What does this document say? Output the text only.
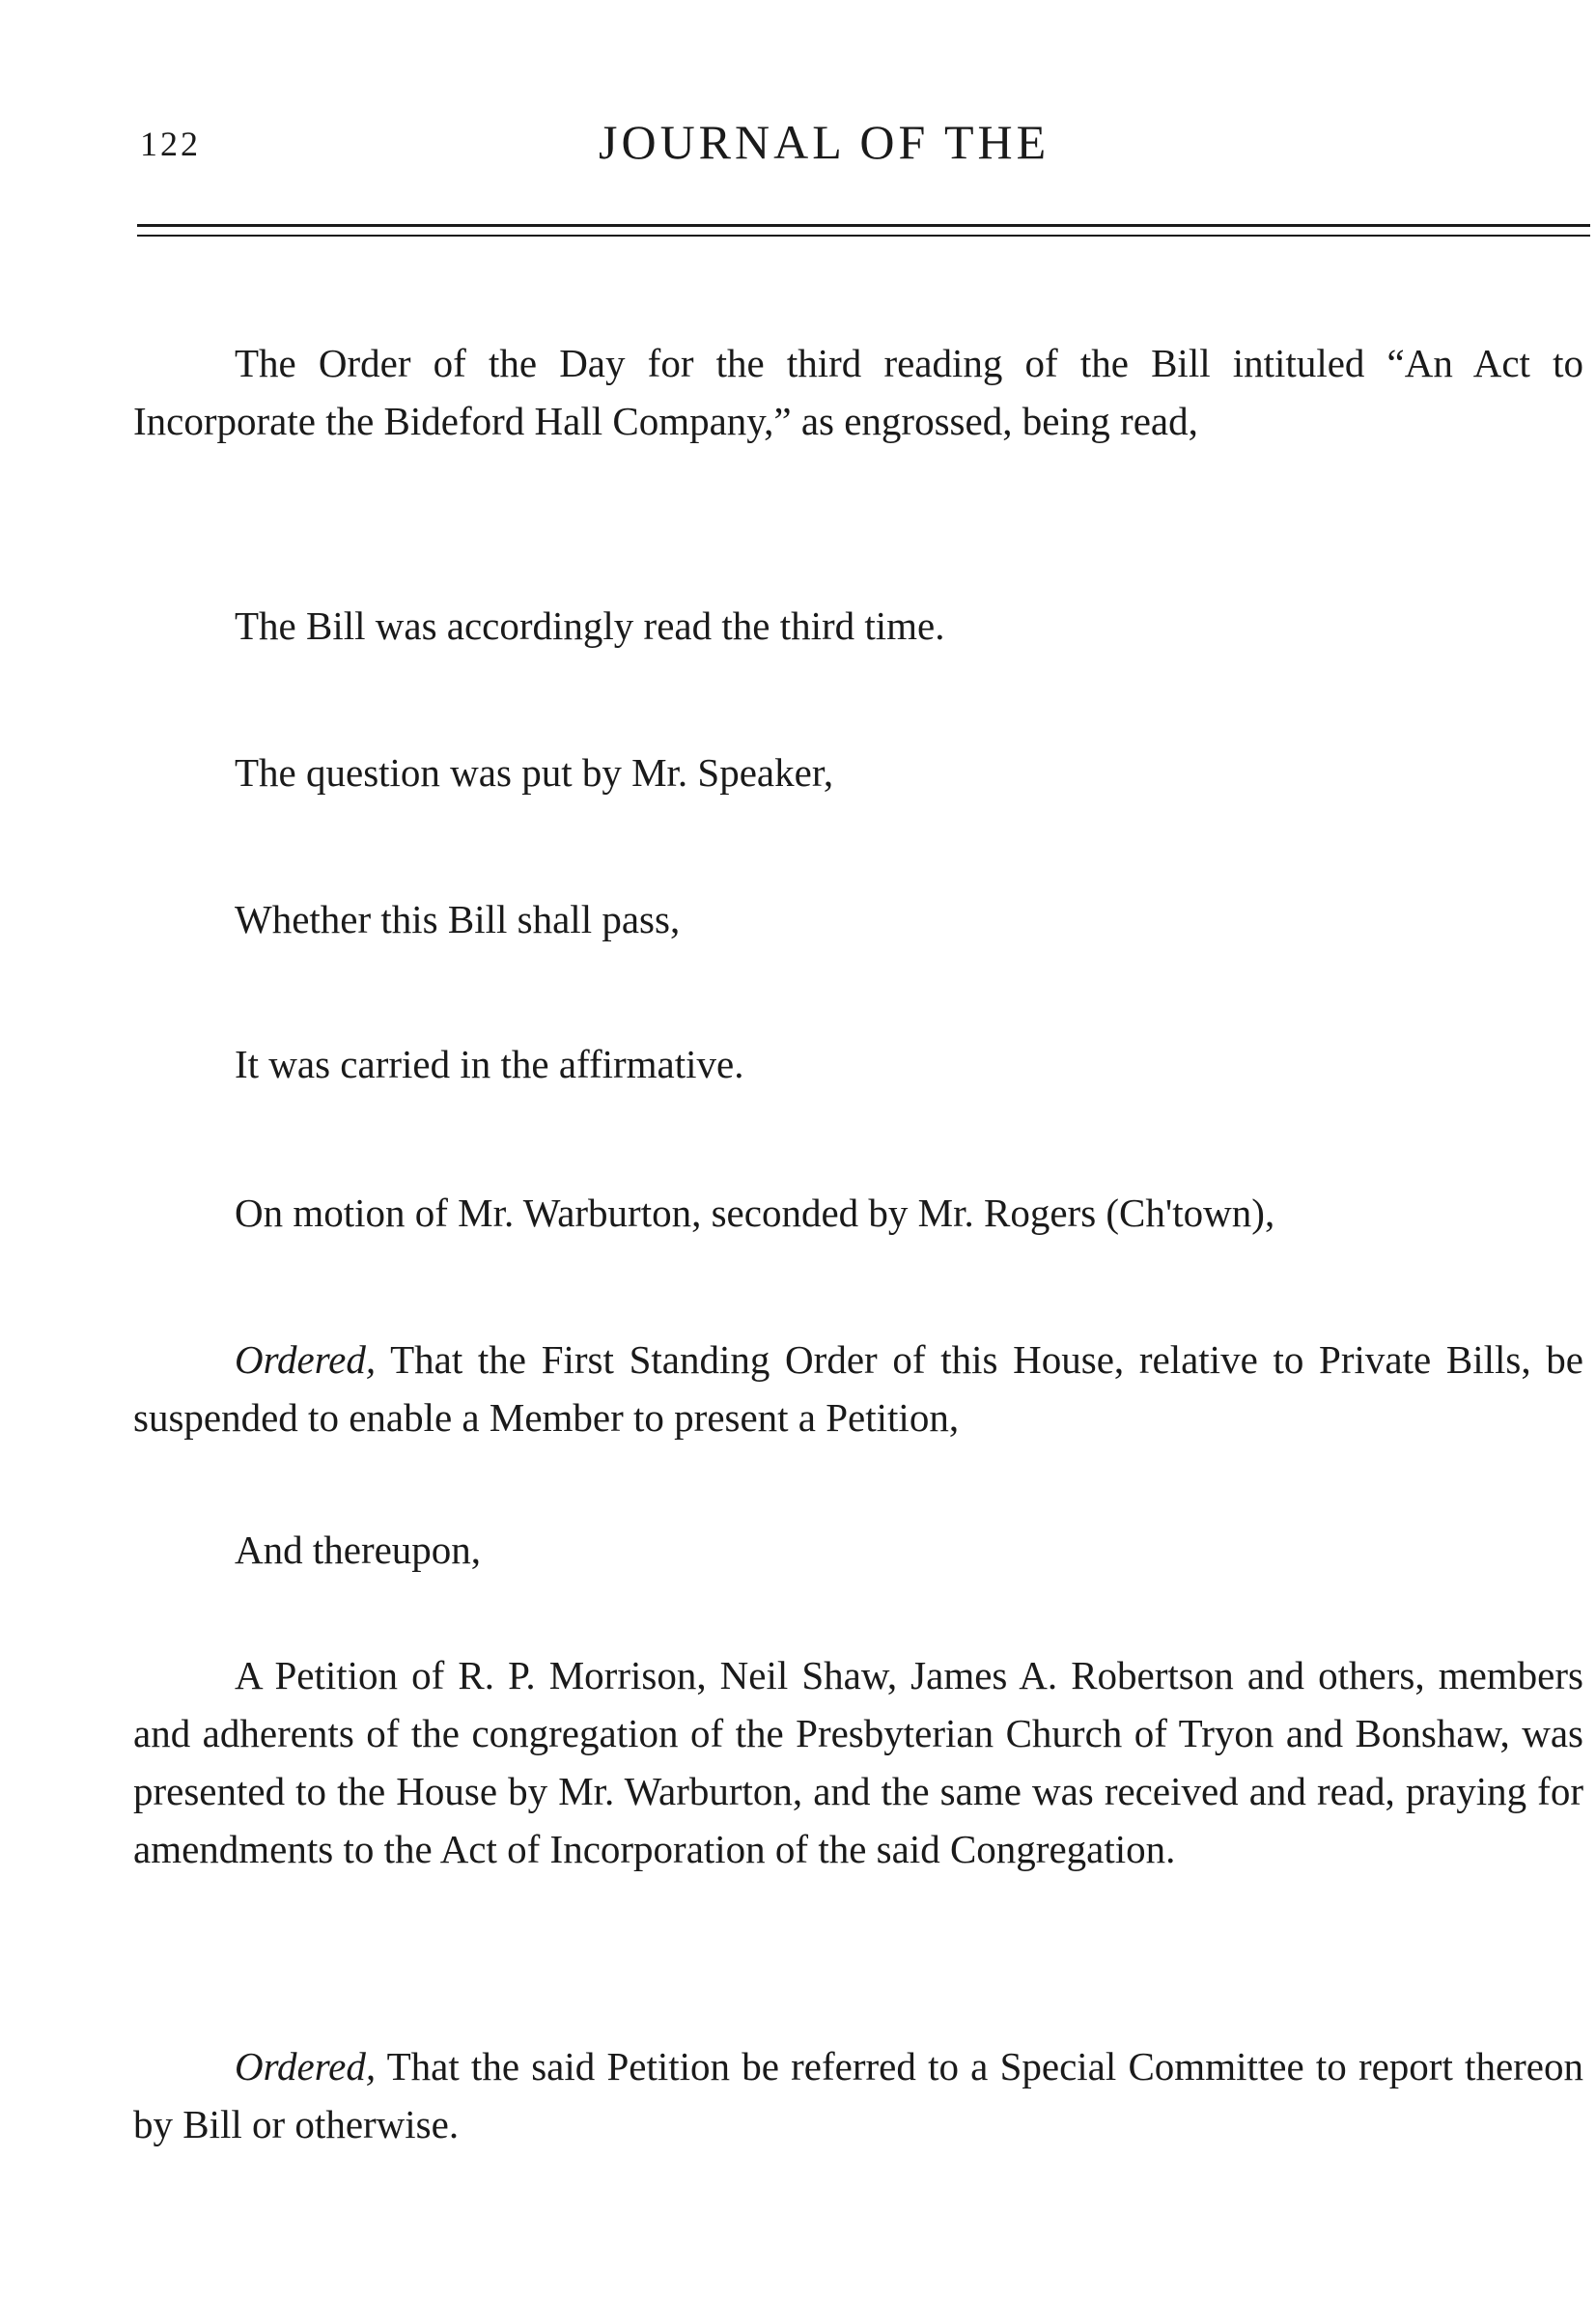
122	JOURNAL OF THE

The Order of the Day for the third reading of the Bill intituled “An Act to Incorporate the Bideford Hall Company,” as engrossed, being read,

The Bill was accordingly read the third time.

The question was put by Mr. Speaker,

Whether this Bill shall pass,

It was carried in the affirmative.

On motion of Mr. Warburton, seconded by Mr. Rogers (Ch'town),

Ordered, That the First Standing Order of this House, relative to Private Bills, be suspended to enable a Member to present a Petition,

And thereupon,

A Petition of R. P. Morrison, Neil Shaw, James A. Robertson and others, members and adherents of the congregation of the Presbyterian Church of Tryon and Bonshaw, was presented to the House by Mr. Warburton, and the same was received and read, praying for amendments to the Act of Incorporation of the said Congregation.

Ordered, That the said Petition be referred to a Special Committee to report thereon by Bill or otherwise.
